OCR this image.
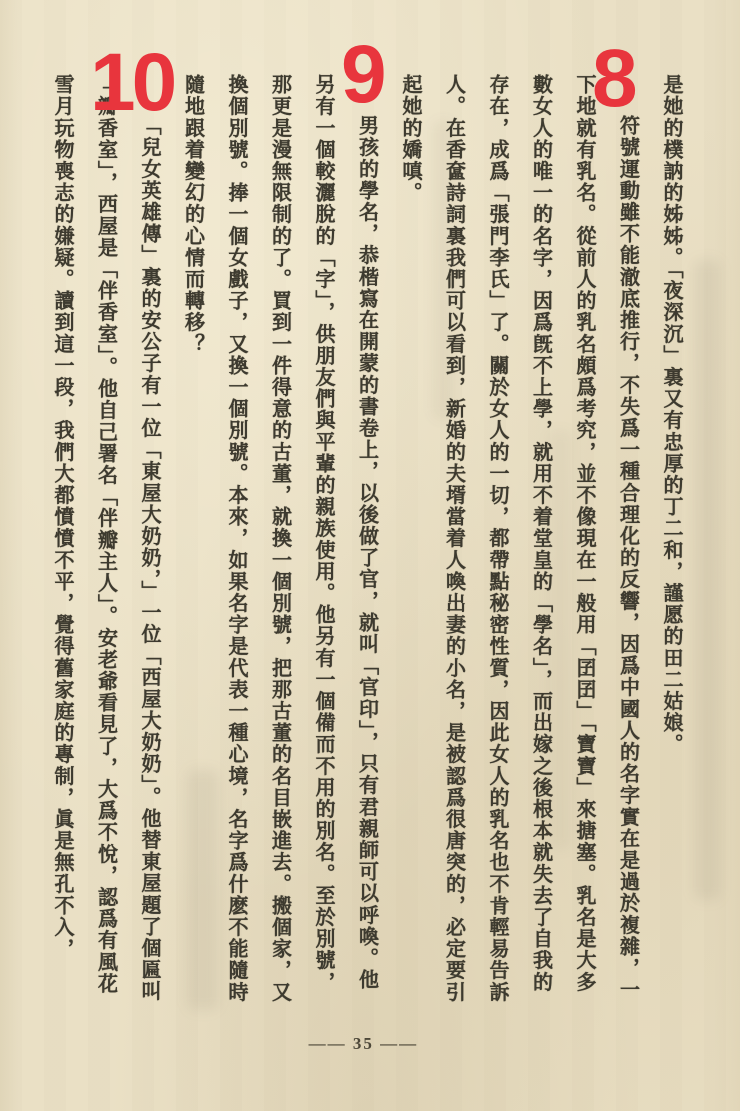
是她的樸訥的姊姊。「夜深沉」裏又有忠厚的丁二和，謹愿的田二姑娘。

符號運動雖不能澈底推行，不失爲一種合理化的反響，因爲中國人的名字實在是過於複雜，一下地就有乳名。從前人的乳名頗爲考究，並不像現在一般用「囝囝」「寶寶」來搪塞。乳名是大多數女人的唯一的名字，因爲旣不上學，就用不着堂皇的「學名」，而出嫁之後根本就失去了自我的存在，成爲「張門李氏」了。關於女人的一切，都帶點秘密性質，因此女人的乳名也不肯輕易告訴人。在香奩詩詞裏我們可以看到，新婚的夫壻當着人喚出妻的小名，是被認爲很唐突的，必定要引起她的嬌嗔。

男孩的學名，恭楷寫在開蒙的書卷上，以後做了官，就叫「官印」，只有君親師可以呼喚。他另有一個較灑脫的「字」，供朋友們與平輩的親族使用。他另有一個備而不用的別名。至於別號，那更是漫無限制的了。買到一件得意的古董，就換一個別號，把那古董的名目嵌進去。搬個家，又換個別號。捧一個女戲子，又換一個別號。本來，如果名字是代表一種心境，名字爲什麽不能隨時隨地跟着變幻的心情而轉移？

「兒女英雄傳」裏的安公子有一位「東屋大奶奶，」一位「西屋大奶奶」。他替東屋題了個匾叫「瓣香室」，西屋是「伴香室」。他自己署名「伴瓣主人」。安老爺看見了，大爲不悅，認爲有風花雪月玩物喪志的嫌疑。讀到這一段，我們大都憤憤不平，覺得舊家庭的專制，眞是無孔不入，	8
9
10
—— 35 ——
